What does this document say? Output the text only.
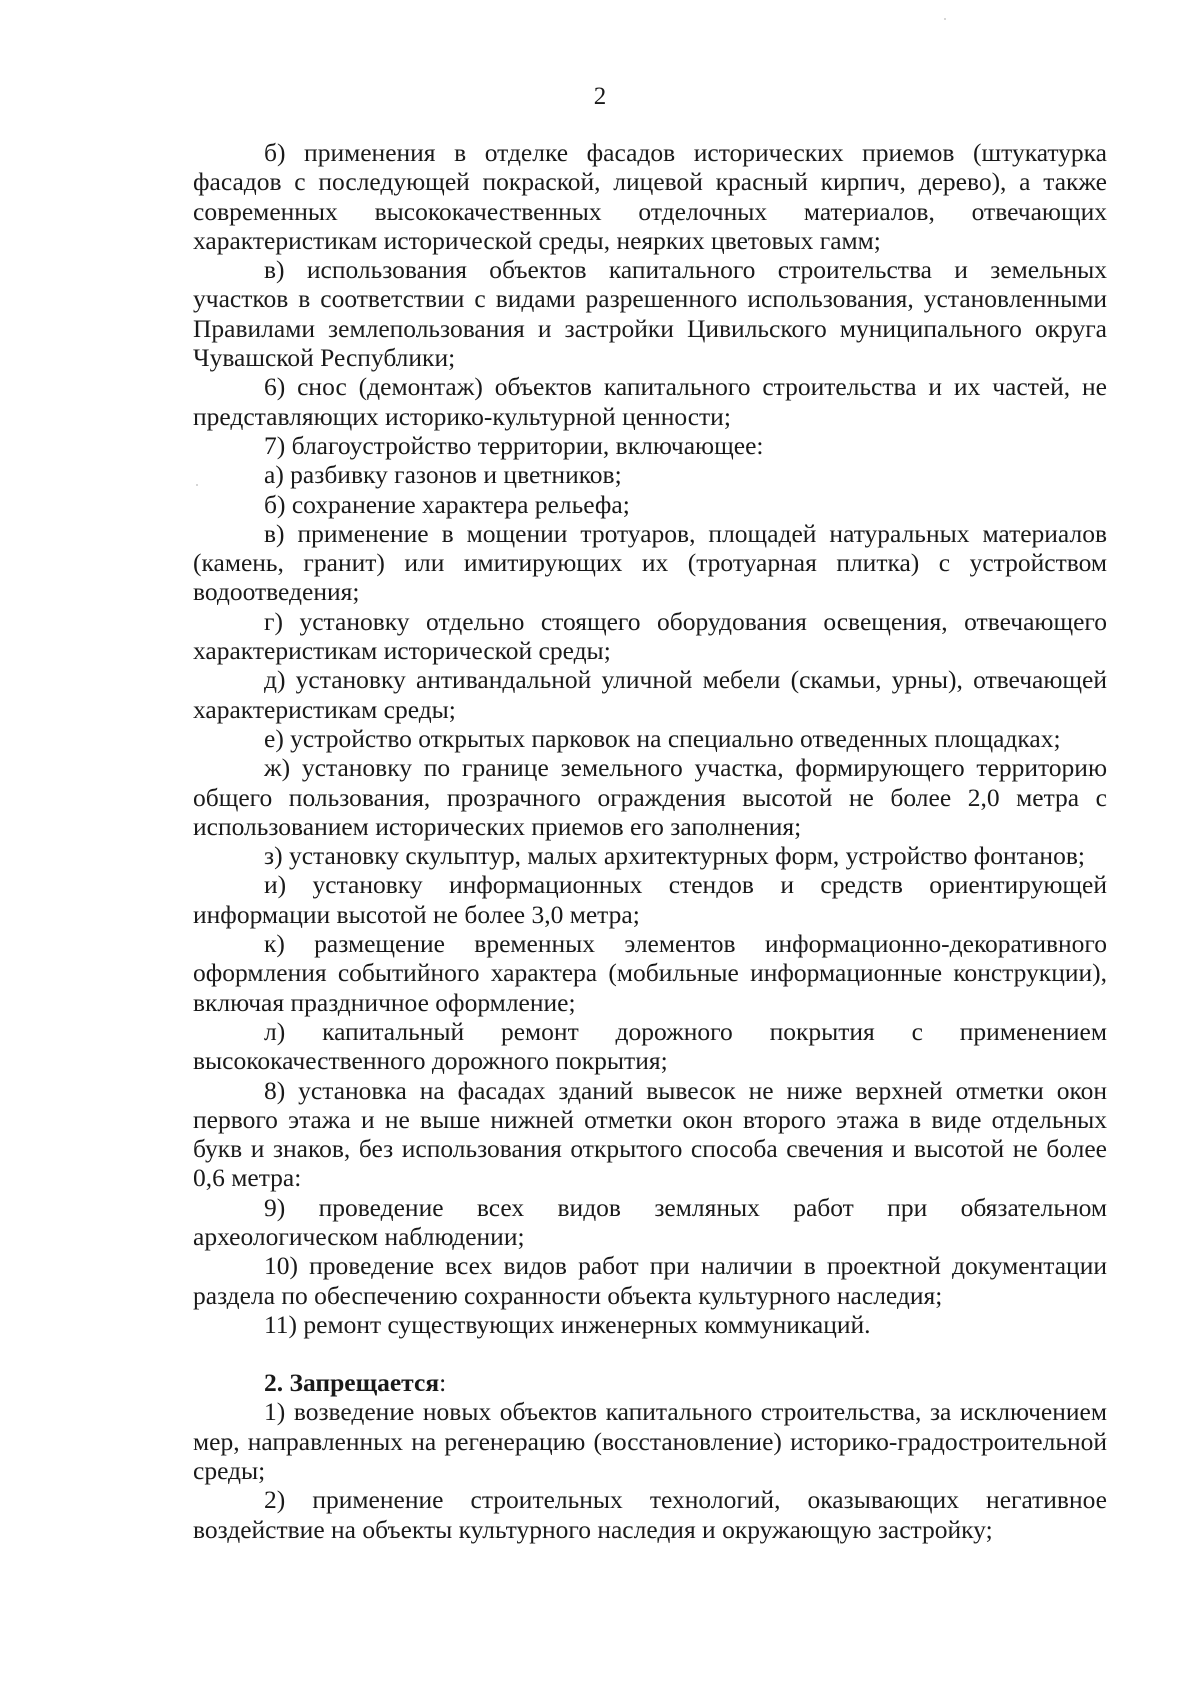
2

б) применения в отделке фасадов исторических приемов (штукатурка фасадов с последующей покраской, лицевой красный кирпич, дерево), а также современных высококачественных отделочных материалов, отвечающих характеристикам исторической среды, неярких цветовых гамм;

в) использования объектов капитального строительства и земельных участков в соответствии с видами разрешенного использования, установленными Правилами землепользования и застройки Цивильского муниципального округа Чувашской Республики;

6) снос (демонтаж) объектов капитального строительства и их частей, не представляющих историко-культурной ценности;

7) благоустройство территории, включающее:

а) разбивку газонов и цветников;

б) сохранение характера рельефа;

в) применение в мощении тротуаров, площадей натуральных материалов (камень, гранит) или имитирующих их (тротуарная плитка) с устройством водоотведения;

г) установку отдельно стоящего оборудования освещения, отвечающего характеристикам исторической среды;

д) установку антивандальной уличной мебели (скамьи, урны), отвечающей характеристикам среды;

е) устройство открытых парковок на специально отведенных площадках;

ж) установку по границе земельного участка, формирующего территорию общего пользования, прозрачного ограждения высотой не более 2,0 метра с использованием исторических приемов его заполнения;

з) установку скульптур, малых архитектурных форм, устройство фонтанов;

и) установку информационных стендов и средств ориентирующей информации высотой не более 3,0 метра;

к) размещение временных элементов информационно-декоративного оформления событийного характера (мобильные информационные конструкции), включая праздничное оформление;

л) капитальный ремонт дорожного покрытия с применением высококачественного дорожного покрытия;

8) установка на фасадах зданий вывесок не ниже верхней отметки окон первого этажа и не выше нижней отметки окон второго этажа в виде отдельных букв и знаков, без использования открытого способа свечения и высотой не более 0,6 метра:

9) проведение всех видов земляных работ при обязательном археологическом наблюдении;

10) проведение всех видов работ при наличии в проектной документации раздела по обеспечению сохранности объекта культурного наследия;

11) ремонт существующих инженерных коммуникаций.

2. Запрещается:

1) возведение новых объектов капитального строительства, за исключением мер, направленных на регенерацию (восстановление) историко-градостроительной среды;

2) применение строительных технологий, оказывающих негативное воздействие на объекты культурного наследия и окружающую застройку;
